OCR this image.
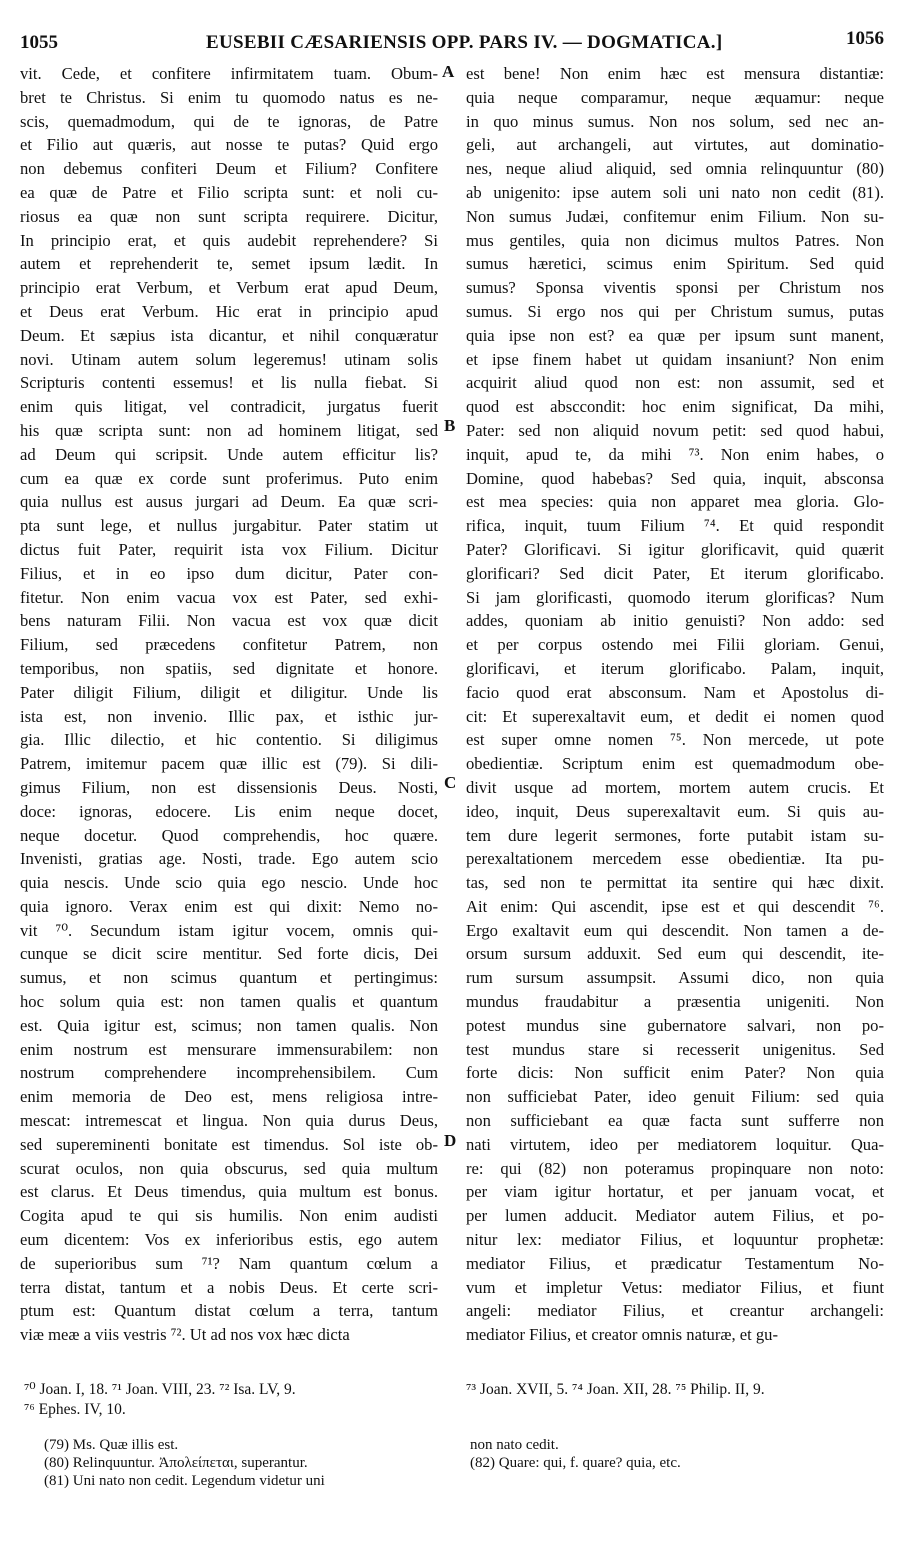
1055	EUSEBII CÆSARIENSIS OPP. PARS IV. — DOGMATICA.]	1056
A
B
C
D

vit. Cede, et confitere infirmitatem tuam. Obum-

bret te Christus. Si enim tu quomodo natus es ne-

scis, quemadmodum, qui de te ignoras, de Patre

et Filio aut quæris, aut nosse te putas? Quid ergo

non debemus confiteri Deum et Filium? Confitere

ea quæ de Patre et Filio scripta sunt: et noli cu-

riosus ea quæ non sunt scripta requirere. Dicitur,

In principio erat, et quis audebit reprehendere? Si

autem et reprehenderit te, semet ipsum lædit. In

principio erat Verbum, et Verbum erat apud Deum,

et Deus erat Verbum. Hic erat in principio apud

Deum. Et sæpius ista dicantur, et nihil conquæratur

novi. Utinam autem solum legeremus! utinam solis

Scripturis contenti essemus! et lis nulla fiebat. Si

enim quis litigat, vel contradicit, jurgatus fuerit

his quæ scripta sunt: non ad hominem litigat, sed

ad Deum qui scripsit. Unde autem efficitur lis?

cum ea quæ ex corde sunt proferimus. Puto enim

quia nullus est ausus jurgari ad Deum. Ea quæ scri-

pta sunt lege, et nullus jurgabitur. Pater statim ut

dictus fuit Pater, requirit ista vox Filium. Dicitur

Filius, et in eo ipso dum dicitur, Pater con-

fitetur. Non enim vacua vox est Pater, sed exhi-

bens naturam Filii. Non vacua est vox quæ dicit

Filium, sed præcedens confitetur Patrem, non

temporibus, non spatiis, sed dignitate et honore.

Pater diligit Filium, diligit et diligitur. Unde lis

ista est, non invenio. Illic pax, et isthic jur-

gia. Illic dilectio, et hic contentio. Si diligimus

Patrem, imitemur pacem quæ illic est (79). Si dili-

gimus Filium, non est dissensionis Deus. Nosti,

doce: ignoras, edocere. Lis enim neque docet,

neque docetur. Quod comprehendis, hoc quære.

Invenisti, gratias age. Nosti, trade. Ego autem scio

quia nescis. Unde scio quia ego nescio. Unde hoc

quia ignoro. Verax enim est qui dixit: Nemo no-

vit ⁷⁰. Secundum istam igitur vocem, omnis qui-

cunque se dicit scire mentitur. Sed forte dicis, Dei

sumus, et non scimus quantum et pertingimus:

hoc solum quia est: non tamen qualis et quantum

est. Quia igitur est, scimus; non tamen qualis. Non

enim nostrum est mensurare immensurabilem: non

nostrum comprehendere incomprehensibilem. Cum

enim memoria de Deo est, mens religiosa intre-

mescat: intremescat et lingua. Non quia durus Deus,

sed supereminenti bonitate est timendus. Sol iste ob-

scurat oculos, non quia obscurus, sed quia multum

est clarus. Et Deus timendus, quia multum est bonus.

Cogita apud te qui sis humilis. Non enim audisti

eum dicentem: Vos ex inferioribus estis, ego autem

de superioribus sum ⁷¹? Nam quantum cœlum a

terra distat, tantum et a nobis Deus. Et certe scri-

ptum est: Quantum distat cœlum a terra, tantum

viæ meæ a viis vestris ⁷². Ut ad nos vox hæc dicta

est bene! Non enim hæc est mensura distantiæ:

quia neque comparamur, neque æquamur: neque

in quo minus sumus. Non nos solum, sed nec an-

geli, aut archangeli, aut virtutes, aut dominatio-

nes, neque aliud aliquid, sed omnia relinquuntur (80)

ab unigenito: ipse autem soli uni nato non cedit (81).

Non sumus Judæi, confitemur enim Filium. Non su-

mus gentiles, quia non dicimus multos Patres. Non

sumus hæretici, scimus enim Spiritum. Sed quid

sumus? Sponsa viventis sponsi per Christum nos

sumus. Si ergo nos qui per Christum sumus, putas

quia ipse non est? ea quæ per ipsum sunt manent,

et ipse finem habet ut quidam insaniunt? Non enim

acquirit aliud quod non est: non assumit, sed et

quod est absccondit: hoc enim significat, Da mihi,

Pater: sed non aliquid novum petit: sed quod habui,

inquit, apud te, da mihi ⁷³. Non enim habes, o

Domine, quod habebas? Sed quia, inquit, absconsa

est mea species: quia non apparet mea gloria. Glo-

rifica, inquit, tuum Filium ⁷⁴. Et quid respondit

Pater? Glorificavi. Si igitur glorificavit, quid quærit

glorificari? Sed dicit Pater, Et iterum glorificabo.

Si jam glorificasti, quomodo iterum glorificas? Num

addes, quoniam ab initio genuisti? Non addo: sed

et per corpus ostendo mei Filii gloriam. Genui,

glorificavi, et iterum glorificabo. Palam, inquit,

facio quod erat absconsum. Nam et Apostolus di-

cit: Et superexaltavit eum, et dedit ei nomen quod

est super omne nomen ⁷⁵. Non mercede, ut pote

obedientiæ. Scriptum enim est quemadmodum obe-

divit usque ad mortem, mortem autem crucis. Et

ideo, inquit, Deus superexaltavit eum. Si quis au-

tem dure legerit sermones, forte putabit istam su-

perexaltationem mercedem esse obedientiæ. Ita pu-

tas, sed non te permittat ita sentire qui hæc dixit.

Ait enim: Qui ascendit, ipse est et qui descendit ⁷⁶.

Ergo exaltavit eum qui descendit. Non tamen a de-

orsum sursum adduxit. Sed eum qui descendit, ite-

rum sursum assumpsit. Assumi dico, non quia

mundus fraudabitur a præsentia unigeniti. Non

potest mundus sine gubernatore salvari, non po-

test mundus stare si recesserit unigenitus. Sed

forte dicis: Non sufficit enim Pater? Non quia

non sufficiebat Pater, ideo genuit Filium: sed quia

non sufficiebant ea quæ facta sunt sufferre non

nati virtutem, ideo per mediatorem loquitur. Qua-

re: qui (82) non poteramus propinquare non noto:

per viam igitur hortatur, et per januam vocat, et

per lumen adducit. Mediator autem Filius, et po-

nitur lex: mediator Filius, et loquuntur prophetæ:

mediator Filius, et prædicatur Testamentum No-

vum et impletur Vetus: mediator Filius, et fiunt

angeli: mediator Filius, et creantur archangeli:

mediator Filius, et creator omnis naturæ, et gu-

⁷⁰ Joan. I, 18. ⁷¹ Joan. VIII, 23. ⁷² Isa. LV, 9.
⁷⁶ Ephes. IV, 10.
⁷³ Joan. XVII, 5. ⁷⁴ Joan. XII, 28. ⁷⁵ Philip. II, 9.
(79) Ms. Quæ illis est.
(80) Relinquuntur. Ἀπολείπεται, superantur.
(81) Uni nato non cedit. Legendum videtur uni
non nato cedit.
(82) Quare: qui, f. quare? quia, etc.
